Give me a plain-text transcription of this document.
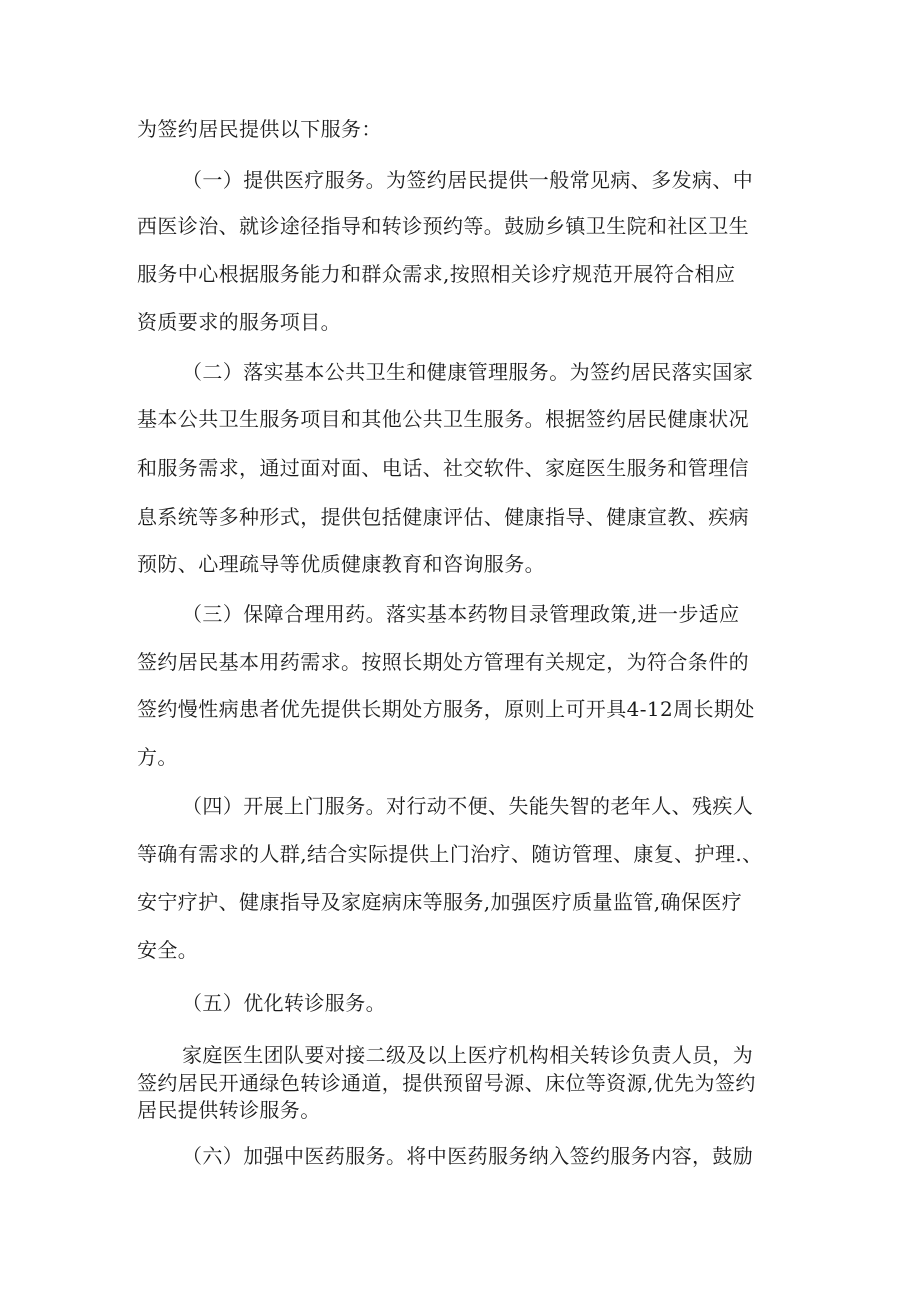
为签约居民提供以下服务：
（一）提供医疗服务。为签约居民提供一般常见病、多发病、中
西医诊治、就诊途径指导和转诊预约等。鼓励乡镇卫生院和社区卫生
服务中心根据服务能力和群众需求,按照相关诊疗规范开展符合相应
资质要求的服务项目。
（二）落实基本公共卫生和健康管理服务。为签约居民落实国家
基本公共卫生服务项目和其他公共卫生服务。根据签约居民健康状况
和服务需求，通过面对面、电话、社交软件、家庭医生服务和管理信
息系统等多种形式，提供包括健康评估、健康指导、健康宣教、疾病
预防、心理疏导等优质健康教育和咨询服务。
（三）保障合理用药。落实基本药物目录管理政策,进一步适应
签约居民基本用药需求。按照长期处方管理有关规定，为符合条件的
签约慢性病患者优先提供长期处方服务，原则上可开具4-12周长期处
方。
（四）开展上门服务。对行动不便、失能失智的老年人、残疾人
等确有需求的人群,结合实际提供上门治疗、随访管理、康复、护理.、
安宁疗护、健康指导及家庭病床等服务,加强医疗质量监管,确保医疗
安全。
（五）优化转诊服务。
家庭医生团队要对接二级及以上医疗机构相关转诊负责人员，为
签约居民开通绿色转诊通道，提供预留号源、床位等资源,优先为签约
居民提供转诊服务。
（六）加强中医药服务。将中医药服务纳入签约服务内容，鼓励
